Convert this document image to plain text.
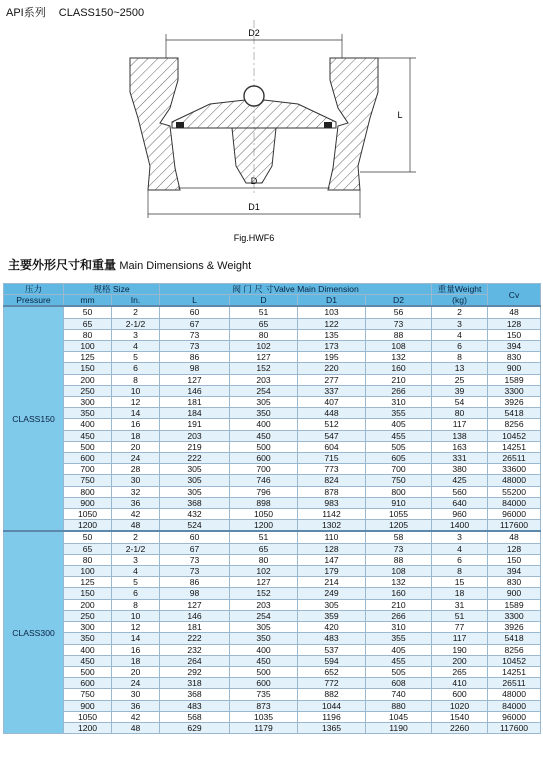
API系列 CLASS150~2500
D2
D
D1
L
Fig.HWF6
主要外形尺寸和重量 Main Dimensions & Weight
压力	规格 Size		阀 门 尺 寸Valve Main Dimension				重量Weight	Cv
Pressure	mm	In.	L	D	D1	D2	(kg)	
CLASS150	50	2	60	51	103	56	2	48
	65	2-1/2	67	65	122	73	3	128
	80	3	73	80	135	88	4	150
	100	4	73	102	173	108	6	394
	125	5	86	127	195	132	8	830
	150	6	98	152	220	160	13	900
	200	8	127	203	277	210	25	1589
	250	10	146	254	337	266	39	3300
	300	12	181	305	407	310	54	3926
	350	14	184	350	448	355	80	5418
	400	16	191	400	512	405	117	8256
	450	18	203	450	547	455	138	10452
	500	20	219	500	604	505	163	14251
	600	24	222	600	715	605	331	26511
	700	28	305	700	773	700	380	33600
	750	30	305	746	824	750	425	48000
	800	32	305	796	878	800	560	55200
	900	36	368	898	983	910	640	84000
	1050	42	432	1050	1142	1055	960	96000
	1200	48	524	1200	1302	1205	1400	117600
CLASS300	50	2	60	51	110	58	3	48
	65	2-1/2	67	65	128	73	4	128
	80	3	73	80	147	88	6	150
	100	4	73	102	179	108	8	394
	125	5	86	127	214	132	15	830
	150	6	98	152	249	160	18	900
	200	8	127	203	305	210	31	1589
	250	10	146	254	359	266	51	3300
	300	12	181	305	420	310	77	3926
	350	14	222	350	483	355	117	5418
	400	16	232	400	537	405	190	8256
	450	18	264	450	594	455	200	10452
	500	20	292	500	652	505	265	14251
	600	24	318	600	772	608	410	26511
	750	30	368	735	882	740	600	48000
	900	36	483	873	1044	880	1020	84000
	1050	42	568	1035	1196	1045	1540	96000
	1200	48	629	1179	1365	1190	2260	117600
